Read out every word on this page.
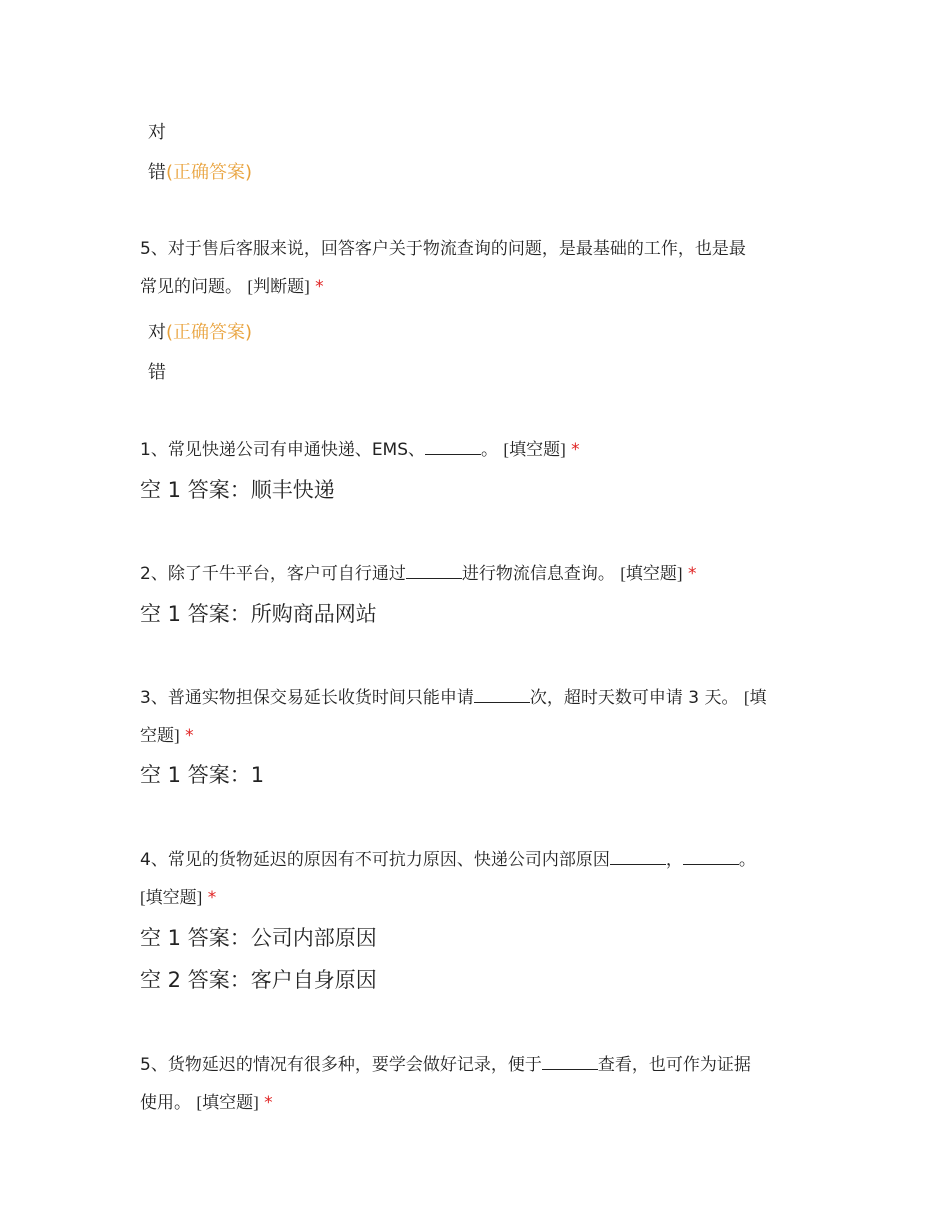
对
错(正确答案)
5、对于售后客服来说，回答客户关于物流查询的问题，是最基础的工作，也是最
常见的问题。 [判断题] *
对(正确答案)
错
1、常见快递公司有申通快递、EMS、	。 [填空题] *
空 1 答案：顺丰快递
2、除了千牛平台，客户可自行通过	进行物流信息查询。 [填空题] *
空 1 答案：所购商品网站
3、普通实物担保交易延长收货时间只能申请	次，超时天数可申请 3 天。 [填
空题] *
空 1 答案：1
4、常见的货物延迟的原因有不可抗力原因、快递公司内部原因	，	。
[填空题] *
空 1 答案：公司内部原因
空 2 答案：客户自身原因
5、货物延迟的情况有很多种，要学会做好记录，便于	查看，也可作为证据
使用。 [填空题] *
